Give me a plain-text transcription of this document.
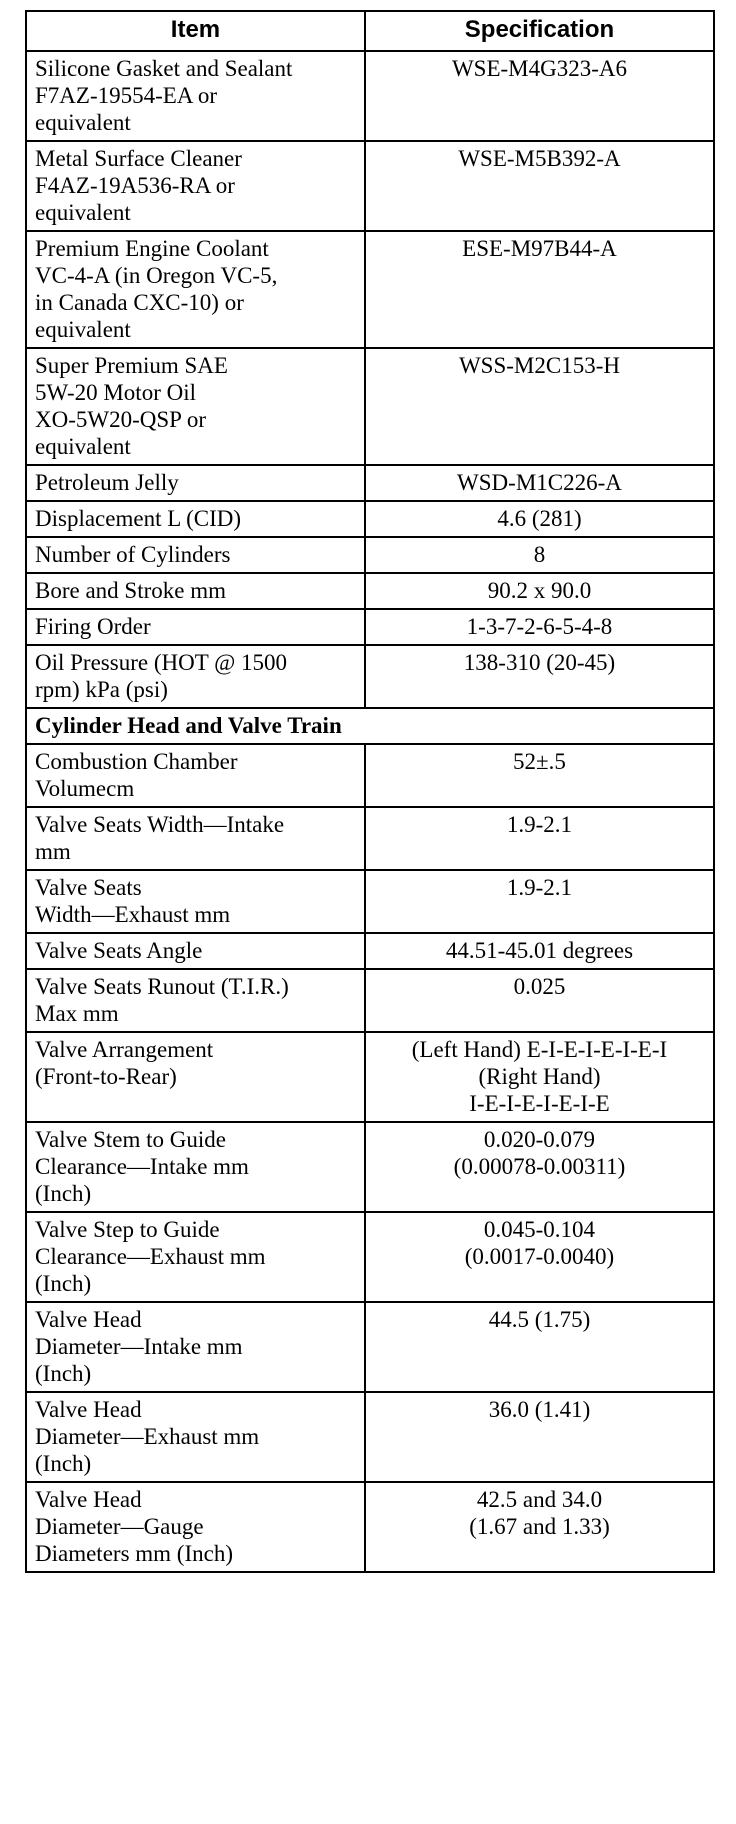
Item	Specification

Silicone Gasket and Sealant
F7AZ-19554-EA or
equivalent	WSE-M4G323-A6

Metal Surface Cleaner
F4AZ-19A536-RA or
equivalent	WSE-M5B392-A

Premium Engine Coolant
VC-4-A (in Oregon VC-5,
in Canada CXC-10) or
equivalent	ESE-M97B44-A

Super Premium SAE
5W-20 Motor Oil
XO-5W20-QSP or
equivalent	WSS-M2C153-H

Petroleum Jelly	WSD-M1C226-A

Displacement L (CID)	4.6 (281)

Number of Cylinders	8

Bore and Stroke mm	90.2 x 90.0

Firing Order	1-3-7-2-6-5-4-8

Oil Pressure (HOT @ 1500
rpm) kPa (psi)	138-310 (20-45)

Cylinder Head and Valve Train	

Combustion Chamber
Volumecm	52±.5

Valve Seats Width—Intake
mm	1.9-2.1

Valve Seats
Width—Exhaust mm	1.9-2.1

Valve Seats Angle	44.51-45.01 degrees

Valve Seats Runout (T.I.R.)
Max mm	0.025

Valve Arrangement
(Front-to-Rear)	(Left Hand) E-I-E-I-E-I-E-I
(Right Hand)
I-E-I-E-I-E-I-E

Valve Stem to Guide
Clearance—Intake mm
(Inch)	0.020-0.079
(0.00078-0.00311)

Valve Step to Guide
Clearance—Exhaust mm
(Inch)	0.045-0.104
(0.0017-0.0040)

Valve Head
Diameter—Intake mm
(Inch)	44.5 (1.75)

Valve Head
Diameter—Exhaust mm
(Inch)	36.0 (1.41)

Valve Head
Diameter—Gauge
Diameters mm (Inch)	42.5 and 34.0
(1.67 and 1.33)
